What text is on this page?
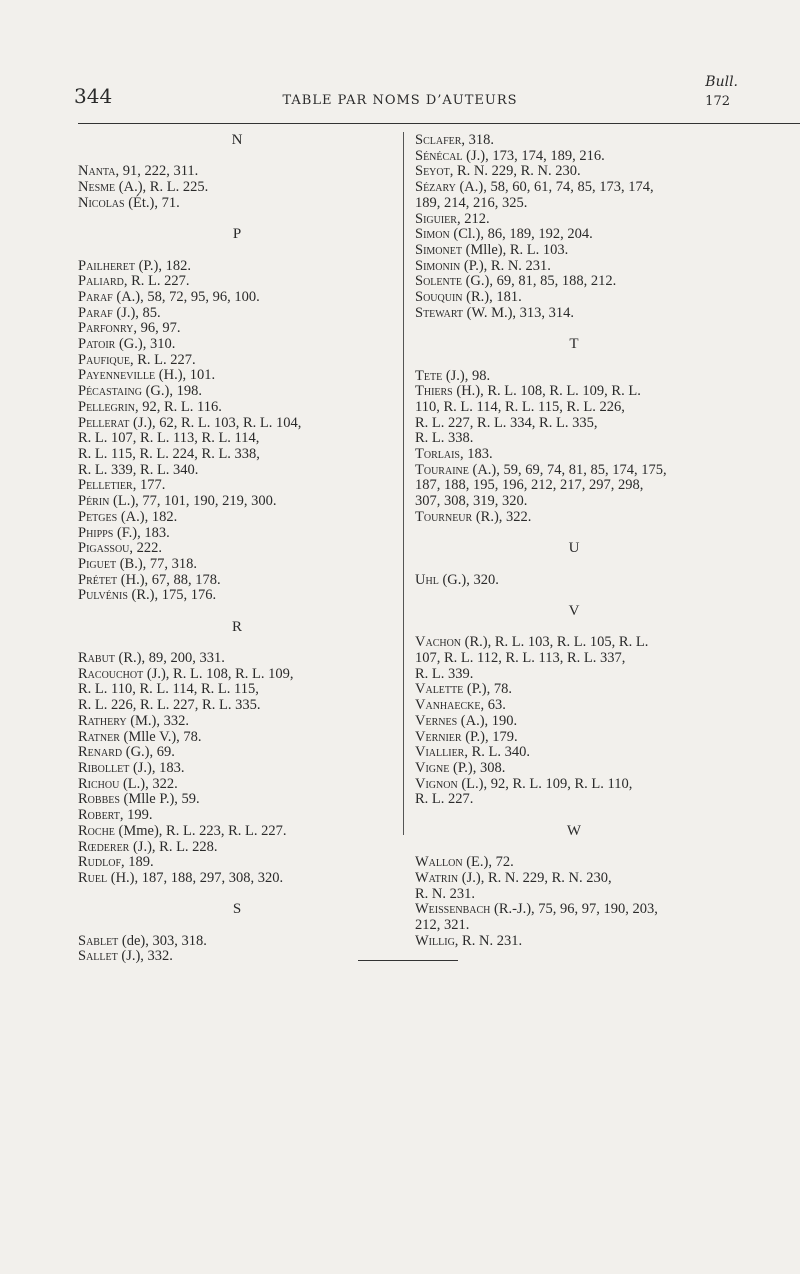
344	TABLE PAR NOMS D’AUTEURS
Bull.
172
N
Nanta, 91, 222, 311.
Nesme (A.), R. L. 225.
Nicolas (Ét.), 71.
P
Pailheret (P.), 182.
Paliard, R. L. 227.
Paraf (A.), 58, 72, 95, 96, 100.
Paraf (J.), 85.
Parfonry, 96, 97.
Patoir (G.), 310.
Paufique, R. L. 227.
Payenneville (H.), 101.
Pécastaing (G.), 198.
Pellegrin, 92, R. L. 116.
Pellerat (J.), 62, R. L. 103, R. L. 104,
R. L. 107, R. L. 113, R. L. 114,
R. L. 115, R. L. 224, R. L. 338,
R. L. 339, R. L. 340.
Pelletier, 177.
Périn (L.), 77, 101, 190, 219, 300.
Petges (A.), 182.
Phipps (F.), 183.
Pigassou, 222.
Piguet (B.), 77, 318.
Prétet (H.), 67, 88, 178.
Pulvénis (R.), 175, 176.
R
Rabut (R.), 89, 200, 331.
Racouchot (J.), R. L. 108, R. L. 109,
R. L. 110, R. L. 114, R. L. 115,
R. L. 226, R. L. 227, R. L. 335.
Rathery (M.), 332.
Ratner (Mlle V.), 78.
Renard (G.), 69.
Ribollet (J.), 183.
Richou (L.), 322.
Robbes (Mlle P.), 59.
Robert, 199.
Roche (Mme), R. L. 223, R. L. 227.
Rœderer (J.), R. L. 228.
Rudlof, 189.
Ruel (H.), 187, 188, 297, 308, 320.
S
Sablet (de), 303, 318.
Sallet (J.), 332.
Sclafer, 318.
Sénécal (J.), 173, 174, 189, 216.
Seyot, R. N. 229, R. N. 230.
Sézary (A.), 58, 60, 61, 74, 85, 173, 174,
189, 214, 216, 325.
Siguier, 212.
Simon (Cl.), 86, 189, 192, 204.
Simonet (Mlle), R. L. 103.
Simonin (P.), R. N. 231.
Solente (G.), 69, 81, 85, 188, 212.
Souquin (R.), 181.
Stewart (W. M.), 313, 314.
T
Tete (J.), 98.
Thiers (H.), R. L. 108, R. L. 109, R. L.
110, R. L. 114, R. L. 115, R. L. 226,
R. L. 227, R. L. 334, R. L. 335,
R. L. 338.
Torlais, 183.
Touraine (A.), 59, 69, 74, 81, 85, 174, 175,
187, 188, 195, 196, 212, 217, 297, 298,
307, 308, 319, 320.
Tourneur (R.), 322.
U
Uhl (G.), 320.
V
Vachon (R.), R. L. 103, R. L. 105, R. L.
107, R. L. 112, R. L. 113, R. L. 337,
R. L. 339.
Valette (P.), 78.
Vanhaecke, 63.
Vernes (A.), 190.
Vernier (P.), 179.
Viallier, R. L. 340.
Vigne (P.), 308.
Vignon (L.), 92, R. L. 109, R. L. 110,
R. L. 227.
W
Wallon (E.), 72.
Watrin (J.), R. N. 229, R. N. 230,
R. N. 231.
Weissenbach (R.-J.), 75, 96, 97, 190, 203,
212, 321.
Willig, R. N. 231.
